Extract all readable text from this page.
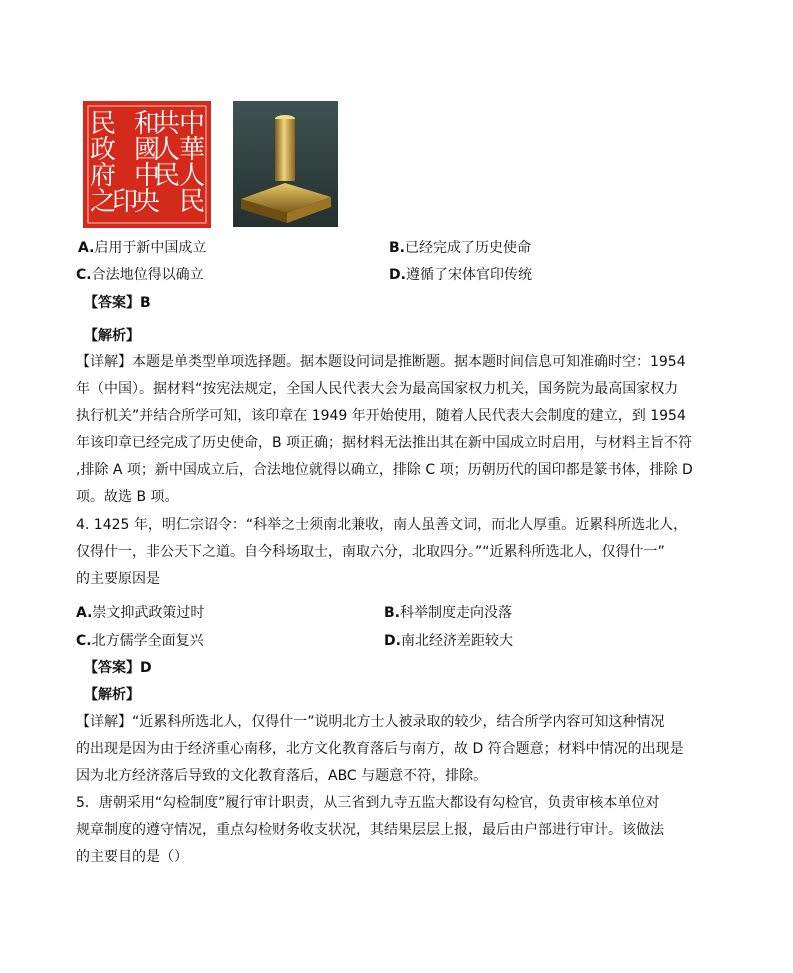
中
華
人
民
共
和
國
中
央
人
民
民
政
府
之
印
A.启用于新中国成立	B.已经完成了历史使命
C.合法地位得以确立	D.遵循了宋体官印传统
【答案】B
【解析】

【详解】本题是单类型单项选择题。据本题设问词是推断题。据本题时间信息可知准确时空：1954

年（中国）。据材料“按宪法规定，全国人民代表大会为最高国家权力机关，国务院为最高国家权力

执行机关”并结合所学可知，该印章在 1949 年开始使用，随着人民代表大会制度的建立，到 1954

年该印章已经完成了历史使命，B 项正确；据材料无法推出其在新中国成立时启用，与材料主旨不符

,排除 A 项；新中国成立后，合法地位就得以确立，排除 C 项；历朝历代的国印都是篆书体，排除 D

项。故选 B 项。

4. 1425 年，明仁宗诏令：“科举之士须南北兼收，南人虽善文词，而北人厚重。近累科所选北人，

仅得什一，非公天下之道。自今科场取士，南取六分，北取四分。”“近累科所选北人，仅得什一”

的主要原因是

A.崇文抑武政策过时	B.科举制度走向没落
C.北方儒学全面复兴	D.南北经济差距较大
【答案】D
【解析】

【详解】“近累科所选北人，仅得什一”说明北方士人被录取的较少，结合所学内容可知这种情况

的出现是因为由于经济重心南移，北方文化教育落后与南方，故 D 符合题意；材料中情况的出现是

因为北方经济落后导致的文化教育落后，ABC 与题意不符，排除。

5．唐朝采用“勾检制度”履行审计职责，从三省到九寺五监大都设有勾检官，负责审核本单位对

规章制度的遵守情况，重点勾检财务收支状况，其结果层层上报，最后由户部进行审计。该做法

的主要目的是（）
